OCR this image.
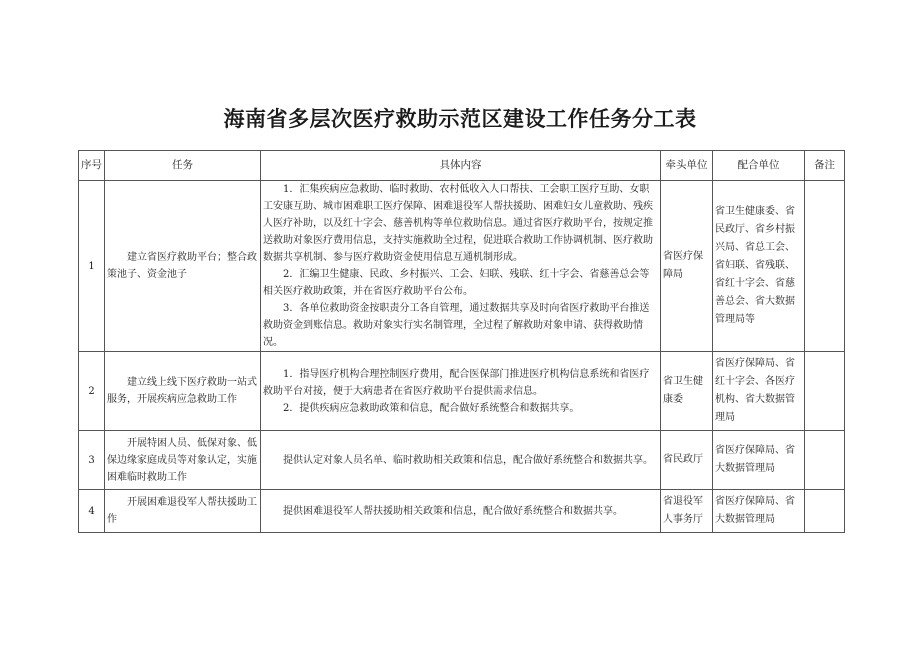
海南省多层次医疗救助示范区建设工作任务分工表
序号	任务	具体内容	牵头单位	配合单位	备注
1	建立省医疗救助平台；整合政策池子、资金池子	1．汇集疾病应急救助、临时救助、农村低收入人口帮扶、工会职工医疗互助、女职工安康互助、城市困难职工医疗保障、困难退役军人帮扶援助、困难妇女儿童救助、残疾人医疗补助，以及红十字会、慈善机构等单位救助信息。通过省医疗救助平台，按规定推送救助对象医疗费用信息，支持实施救助全过程，促进联合救助工作协调机制、医疗救助数据共享机制、参与医疗救助资金使用信息互通机制形成。

2．汇编卫生健康、民政、乡村振兴、工会、妇联、残联、红十字会、省慈善总会等相关医疗救助政策，并在省医疗救助平台公布。

3．各单位救助资金按职责分工各自管理，通过数据共享及时向省医疗救助平台推送救助资金到账信息。救助对象实行实名制管理，全过程了解救助对象申请、获得救助情况。	省医疗保障局	省卫生健康委、省民政厅、省乡村振兴局、省总工会、省妇联、省残联、省红十字会、省慈善总会、省大数据管理局等	
2	建立线上线下医疗救助一站式服务，开展疾病应急救助工作	1．指导医疗机构合理控制医疗费用，配合医保部门推进医疗机构信息系统和省医疗救助平台对接，便于大病患者在省医疗救助平台提供需求信息。

2．提供疾病应急救助政策和信息，配合做好系统整合和数据共享。	省卫生健康委	省医疗保障局、省红十字会、各医疗机构、省大数据管理局	
3	开展特困人员、低保对象、低保边缘家庭成员等对象认定，实施困难临时救助工作	提供认定对象人员名单、临时救助相关政策和信息，配合做好系统整合和数据共享。	省民政厅	省医疗保障局、省大数据管理局	
4	开展困难退役军人帮扶援助工作	提供困难退役军人帮扶援助相关政策和信息，配合做好系统整合和数据共享。	省退役军人事务厅	省医疗保障局、省大数据管理局	
